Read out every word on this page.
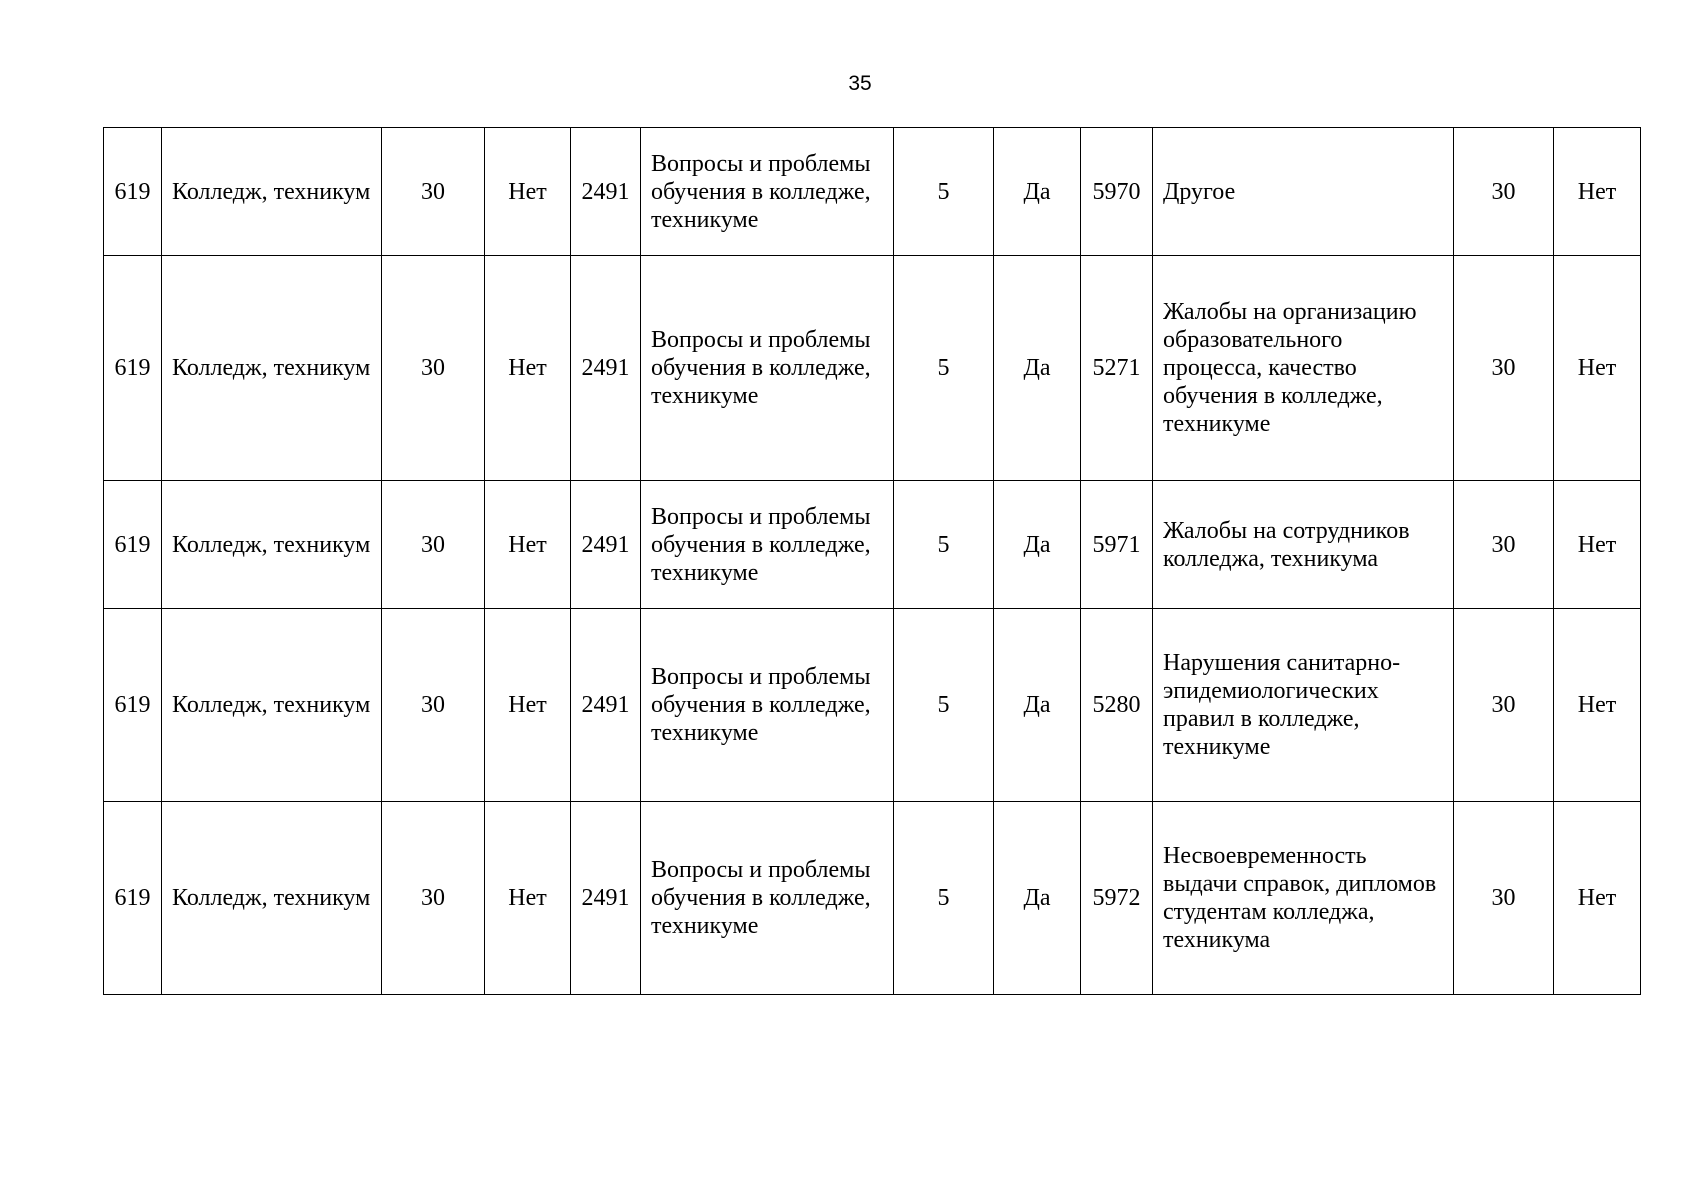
35
619	Колледж, техникум	30	Нет	2491	Вопросы и проблемы обучения в колледже, техникуме	5	Да	5970	Другое	30	Нет
619	Колледж, техникум	30	Нет	2491	Вопросы и проблемы обучения в колледже, техникуме	5	Да	5271	Жалобы на организацию образовательного процесса, качество обучения в колледже, техникуме	30	Нет
619	Колледж, техникум	30	Нет	2491	Вопросы и проблемы обучения в колледже, техникуме	5	Да	5971	Жалобы на сотрудников колледжа, техникума	30	Нет
619	Колледж, техникум	30	Нет	2491	Вопросы и проблемы обучения в колледже, техникуме	5	Да	5280	Нарушения санитарно-эпидемиологических правил в колледже, техникуме	30	Нет
619	Колледж, техникум	30	Нет	2491	Вопросы и проблемы обучения в колледже, техникуме	5	Да	5972	Несвоевременность выдачи справок, дипломов студентам колледжа, техникума	30	Нет
